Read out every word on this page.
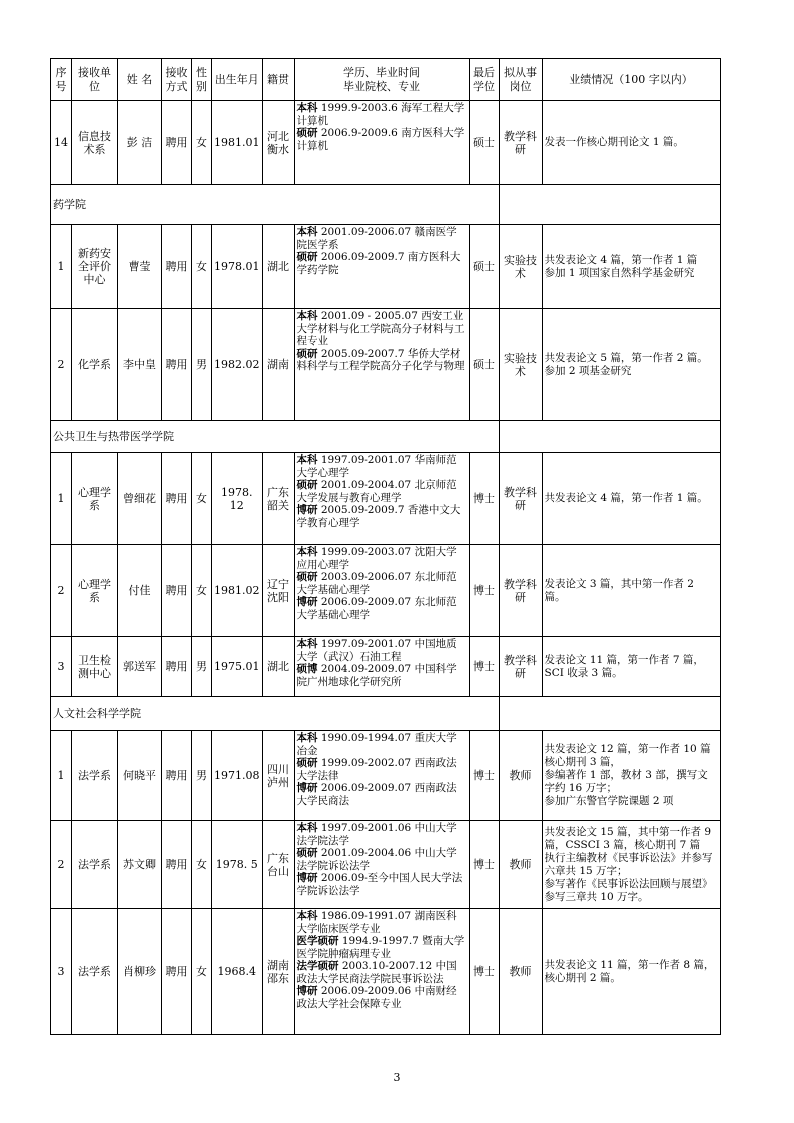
序号	接收单位	姓 名	接收方式	性别	出生年月	籍贯	学历、毕业时间
毕业院校、专业	最后学位	拟从事岗位	业绩情况（100 字以内）
14	信息技术系	彭 洁	聘用	女	1981.01	河北衡水	本科 1999.9-2003.6 海军工程大学计算机
硕研 2006.9-2009.6 南方医科大学计算机	硕士	教学科研	发表一作核心期刊论文 1 篇。
药学院										
1	新药安全评价中心	曹莹	聘用	女	1978.01	湖北	本科 2001.09-2006.07 赣南医学院医学系
硕研 2006.09-2009.7 南方医科大学药学院	硕士	实验技术	共发表论文 4 篇，第一作者 1 篇
参加 1 项国家自然科学基金研究
2	化学系	李中皇	聘用	男	1982.02	湖南	本科 2001.09 - 2005.07 西安工业大学材料与化工学院高分子材料与工程专业
硕研 2005.09-2007.7 华侨大学材料科学与工程学院高分子化学与物理	硕士	实验技术	共发表论文 5 篇，第一作者 2 篇。
参加 2 项基金研究
公共卫生与热带医学学院										
1	心理学系	曾细花	聘用	女	1978. 12	广东韶关	本科 1997.09-2001.07 华南师范大学心理学
硕研 2001.09-2004.07 北京师范大学发展与教育心理学
博研 2005.09-2009.7 香港中文大学教育心理学	博士	教学科研	共发表论文 4 篇，第一作者 1 篇。
2	心理学系	付佳	聘用	女	1981.02	辽宁沈阳	本科 1999.09-2003.07 沈阳大学应用心理学
硕研 2003.09-2006.07 东北师范大学基础心理学
博研 2006.09-2009.07 东北师范大学基础心理学	博士	教学科研	发表论文 3 篇，其中第一作者 2 篇。
3	卫生检测中心	郭送军	聘用	男	1975.01	湖北	本科 1997.09-2001.07 中国地质大学（武汉）石油工程
硕博 2004.09-2009.07 中国科学院广州地球化学研究所	博士	教学科研	发表论文 11 篇，第一作者 7 篇，SCI 收录 3 篇。
人文社会科学学院										
1	法学系	何晓平	聘用	男	1971.08	四川泸州	本科 1990.09-1994.07 重庆大学冶金
硕研 1999.09-2002.07 西南政法大学法律
博研 2006.09-2009.07 西南政法大学民商法	博士	教师	共发表论文 12 篇，第一作者 10 篇
核心期刊 3 篇，
参编著作 1 部，教材 3 部，撰写文字约 16 万字；
参加广东警官学院课题 2 项
2	法学系	苏文卿	聘用	女	1978. 5	广东台山	本科 1997.09-2001.06 中山大学法学院法学
硕研 2001.09-2004.06 中山大学法学院诉讼法学
博研 2006.09-至今中国人民大学法学院诉讼法学	博士	教师	共发表论文 15 篇，其中第一作者 9 篇，CSSCI 3 篇，核心期刊 7 篇
执行主编教材《民事诉讼法》并参写六章共 15 万字；
参写著作《民事诉讼法回顾与展望》参写三章共 10 万字。
3	法学系	肖柳珍	聘用	女	1968.4	湖南邵东	本科 1986.09-1991.07 湖南医科大学临床医学专业
医学硕研 1994.9-1997.7 暨南大学医学院肿瘤病理专业
法学硕研 2003.10-2007.12 中国政法大学民商法学院民事诉讼法
博研 2006.09-2009.06 中南财经政法大学社会保障专业	博士	教师	共发表论文 11 篇，第一作者 8 篇，
核心期刊 2 篇。
3
